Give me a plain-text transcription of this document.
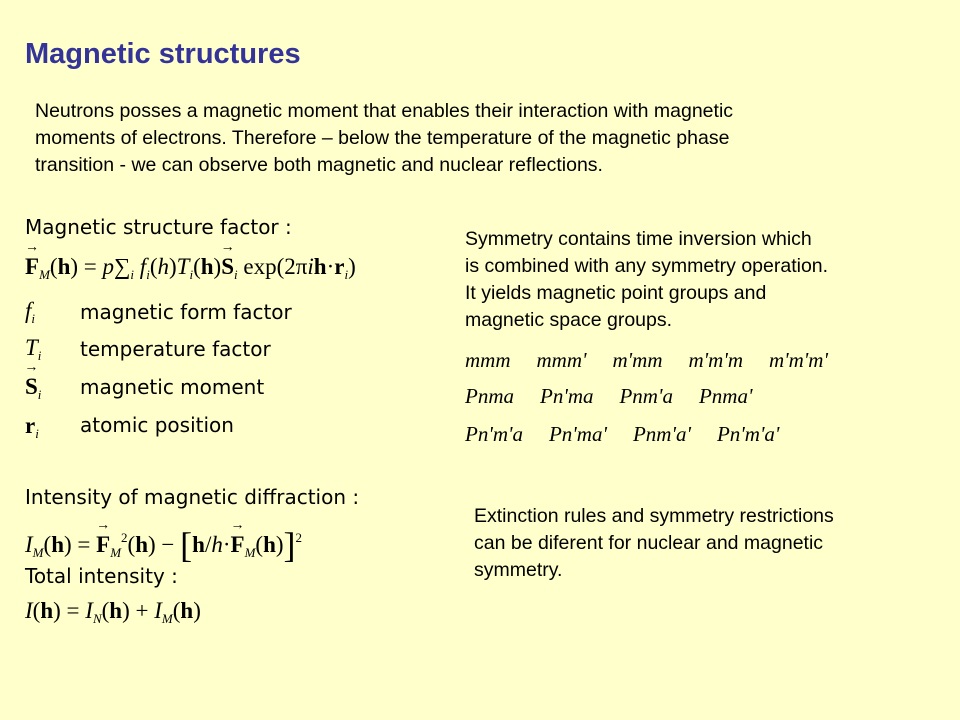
Magnetic structures
Neutrons posses a magnetic moment that enables their interaction with magnetic
moments of electrons. Therefore – below the temperature of the magnetic phase
transition - we can observe both magnetic and nuclear reflections.
Magnetic structure factor :
→ $F_M(h) = p\sum_i$ $f_i(h)T_i(h)\to S_i$ $\exp(2\pi ih\cdot r_i)$
$f_i$ magnetic form factor
$T_i$ temperature factor
→ $S_i$ magnetic moment
$r_i$ atomic position
Symmetry contains time inversion which
is combined with any symmetry operation.
It yields magnetic point groups and
magnetic space groups.
mmm mmm' m'mm m'm'm m'm'm'
Pnma Pn'ma Pnm'a Pnma'
Pn'm'a Pn'ma' Pnm'a' Pn'm'a'
Intensity of magnetic diffraction :
$I_M(h)$ = → $F_M^2(h) - [h/h\cdot\to F_M(h)]^2$
Total intensity :
$I(h) = I_N(h) + I_M(h)$
Extinction rules and symmetry restrictions
can be diferent for nuclear and magnetic
symmetry.
